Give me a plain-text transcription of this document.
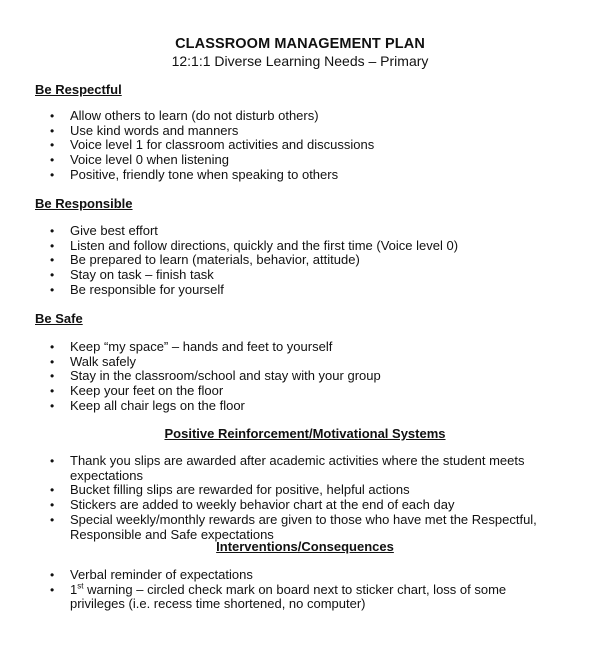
CLASSROOM MANAGEMENT PLAN
12:1:1 Diverse Learning Needs – Primary
Be Respectful
• Allow others to learn (do not disturb others)
• Use kind words and manners
• Voice level 1 for classroom activities and discussions
• Voice level 0 when listening
• Positive, friendly tone when speaking to others
Be Responsible
• Give best effort
• Listen and follow directions, quickly and the first time (Voice level 0)
• Be prepared to learn (materials, behavior, attitude)
• Stay on task – finish task
• Be responsible for yourself
Be Safe
• Keep “my space” – hands and feet to yourself
• Walk safely
• Stay in the classroom/school and stay with your group
• Keep your feet on the floor
• Keep all chair legs on the floor
Positive Reinforcement/Motivational Systems
• Thank you slips are awarded after academic activities where the student meets expectations
• Bucket filling slips are rewarded for positive, helpful actions
• Stickers are added to weekly behavior chart at the end of each day
• Special weekly/monthly rewards are given to those who have met the Respectful, Responsible and Safe expectations
Interventions/Consequences
• Verbal reminder of expectations
• 1st warning – circled check mark on board next to sticker chart, loss of some privileges (i.e. recess time shortened, no computer)
